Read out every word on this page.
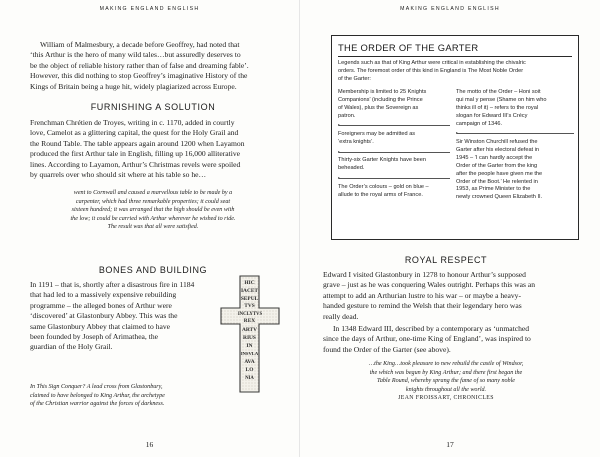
MAKING ENGLAND ENGLISH
William of Malmesbury, a decade before Geoffrey, had noted that
‘this Arthur is the hero of many wild tales…but assuredly deserves to
be the object of reliable history rather than of false and dreaming fable’.
However, this did nothing to stop Geoffrey’s imaginative History of the
Kings of Britain being a huge hit, widely plagiarized across Europe.
FURNISHING A SOLUTION
Frenchman Chrétien de Troyes, writing in c. 1170, added in courtly
love, Camelot as a glittering capital, the quest for the Holy Grail and
the Round Table. The table appears again around 1200 when Layamon
produced the first Arthur tale in English, filling up 16,000 alliterative
lines. According to Layamon, Arthur’s Christmas revels were spoiled
by quarrels over who should sit where at his table so he…
went to Cornwall and caused a marvellous table to be made by a
carpenter, which had three remarkable properties; it could seat
sixteen hundred; it was arranged that the high should be even with
the low; it could be carried with Arthur wherever he wished to ride.
The result was that all were satisfied.
BONES AND BUILDING
In 1191 – that is, shortly after a disastrous fire in 1184
that had led to a massively expensive rebuilding
programme – the alleged bones of Arthur were
‘discovered’ at Glastonbury Abbey. This was the
same Glastonbury Abbey that claimed to have
been founded by Joseph of Arimathea, the
guardian of the Holy Grail.
HIC
IACET
SEPUL
TVS
INCLYTVS
REX
ARTV
RIUS
IN
INSVLA
AVA
LO
NIA
In This Sign Conquer? A lead cross from Glastonbury,
claimed to have belonged to King Arthur, the archetype
of the Christian warrior against the forces of darkness.
16
MAKING ENGLAND ENGLISH
17
THE ORDER OF THE GARTER
Legends such as that of King Arthur were critical in establishing the chivalric
orders. The foremost order of this kind in England is The Most Noble Order
of the Garter:
Membership is limited to 25 Knights
Companions’ (including the Prince
of Wales), plus the Sovereign as
patron.
Foreigners may be admitted as
‘extra knights’.
Thirty-six Garter Knights have been
beheaded.
The Order’s colours – gold on blue –
allude to the royal arms of France.
The motto of the Order – Honi soit
qui mal y pense (Shame on him who
thinks ill of it) – refers to the royal
slogan for Edward III’s Crécy
campaign of 1346.
Sir Winston Churchill refused the
Garter after his electoral defeat in
1945 – ‘I can hardly accept the
Order of the Garter from the king
after the people have given me the
Order of the Boot.’ He relented in
1953, as Prime Minister to the
newly crowned Queen Elizabeth II.
ROYAL RESPECT
Edward I visited Glastonbury in 1278 to honour Arthur’s supposed
grave – just as he was conquering Wales outright. Perhaps this was an
attempt to add an Arthurian lustre to his war – or maybe a heavy-
handed gesture to remind the Welsh that their legendary hero was
really dead.
In 1348 Edward III, described by a contemporary as ‘unmatched
since the days of Arthur, one-time King of England’, was inspired to
found the Order of the Garter (see above).
…the King…took pleasure to new rebuild the castle of Windsor,
the which was begun by King Arthur; and there first began the
Table Round, whereby sprang the fame of so many noble
knights throughout all the world.
JEAN FROISSART, CHRONICLES
